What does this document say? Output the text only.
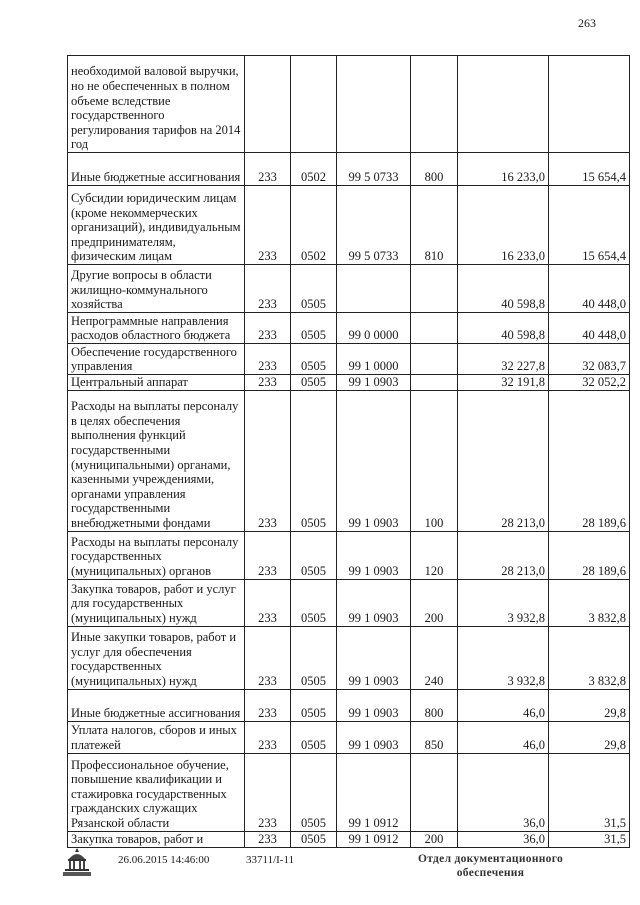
263
необходимой валовой выручки, но не обеспеченных в полном объеме вследствие государственного регулирования тарифов на 2014 год						
Иные бюджетные ассигнования	233	0502	99 5 0733	800	16 233,0	15 654,4
Субсидии юридическим лицам (кроме некоммерческих организаций), индивидуальным предпринимателям, физическим лицам	233	0502	99 5 0733	810	16 233,0	15 654,4
Другие вопросы в области жилищно-коммунального хозяйства	233	0505			40 598,8	40 448,0
Непрограммные направления расходов областного бюджета	233	0505	99 0 0000		40 598,8	40 448,0
Обеспечение государственного управления	233	0505	99 1 0000		32 227,8	32 083,7
Центральный аппарат	233	0505	99 1 0903		32 191,8	32 052,2
Расходы на выплаты персоналу в целях обеспечения выполнения функций государственными (муниципальными) органами, казенными учреждениями, органами управления государственными внебюджетными фондами	233	0505	99 1 0903	100	28 213,0	28 189,6
Расходы на выплаты персоналу государственных (муниципальных) органов	233	0505	99 1 0903	120	28 213,0	28 189,6
Закупка товаров, работ и услуг для государственных (муниципальных) нужд	233	0505	99 1 0903	200	3 932,8	3 832,8
Иные закупки товаров, работ и услуг для обеспечения государственных (муниципальных) нужд	233	0505	99 1 0903	240	3 932,8	3 832,8
Иные бюджетные ассигнования	233	0505	99 1 0903	800	46,0	29,8
Уплата налогов, сборов и иных платежей	233	0505	99 1 0903	850	46,0	29,8
Профессиональное обучение, повышение квалификации и стажировка государственных гражданских служащих Рязанской области	233	0505	99 1 0912		36,0	31,5
Закупка товаров, работ и	233	0505	99 1 0912	200	36,0	31,5
26.06.2015 14:46:00	33711/I-11	Отдел документационного
обеспечения
